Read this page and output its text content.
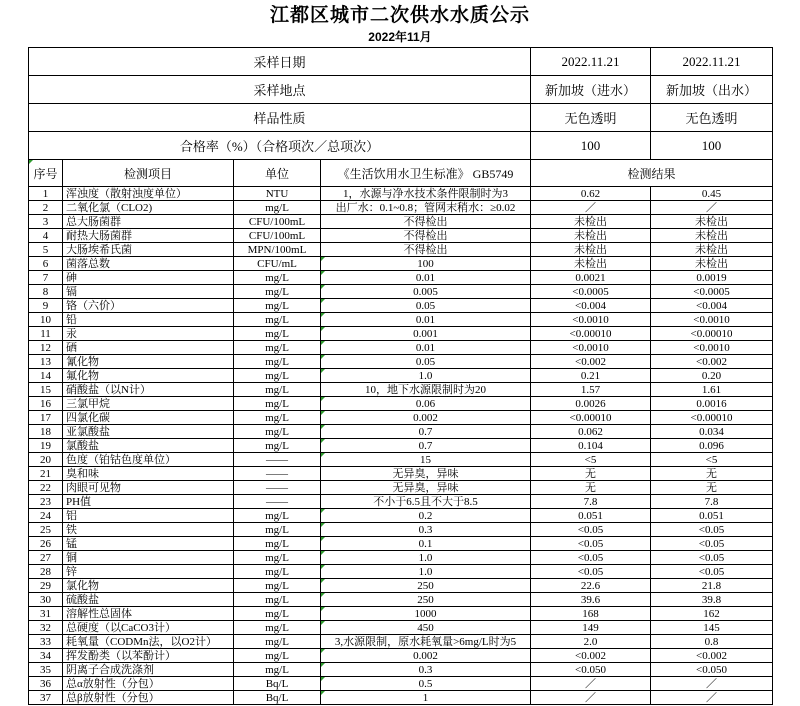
江都区城市二次供水水质公示
2022年11月
采样日期				2022.11.21	2022.11.21
采样地点				新加坡（进水）	新加坡（出水）
样品性质				无色透明	无色透明
合格率（%）（合格项次／总项次）				100	100
序号	检测项目	单位	《生活饮用水卫生标准》 GB5749	检测结果	
1	浑浊度（散射浊度单位）	NTU	1，水源与净水技术条件限制时为3	0.62	0.45
2	二氧化氯（CLO2)	mg/L	出厂水：0.1~0.8；管网末稍水：≥0.02	／	／
3	总大肠菌群	CFU/100mL	不得检出	未检出	未检出
4	耐热大肠菌群	CFU/100mL	不得检出	未检出	未检出
5	大肠埃希氏菌	MPN/100mL	不得检出	未检出	未检出
6	菌落总数	CFU/mL	100	未检出	未检出
7	砷	mg/L	0.01	0.0021	0.0019
8	镉	mg/L	0.005	<0.0005	<0.0005
9	铬（六价）	mg/L	0.05	<0.004	<0.004
10	铅	mg/L	0.01	<0.0010	<0.0010
11	汞	mg/L	0.001	<0.00010	<0.00010
12	硒	mg/L	0.01	<0.0010	<0.0010
13	氰化物	mg/L	0.05	<0.002	<0.002
14	氟化物	mg/L	1.0	0.21	0.20
15	硝酸盐（以N计）	mg/L	10，地下水源限制时为20	1.57	1.61
16	三氯甲烷	mg/L	0.06	0.0026	0.0016
17	四氯化碳	mg/L	0.002	<0.00010	<0.00010
18	亚氯酸盐	mg/L	0.7	0.062	0.034
19	氯酸盐	mg/L	0.7	0.104	0.096
20	色度（铂钴色度单位）	——	15	<5	<5
21	臭和味	——	无异臭，异味	无	无
22	肉眼可见物	——	无异臭，异味	无	无
23	PH值	——	不小于6.5且不大于8.5	7.8	7.8
24	铝	mg/L	0.2	0.051	0.051
25	铁	mg/L	0.3	<0.05	<0.05
26	锰	mg/L	0.1	<0.05	<0.05
27	铜	mg/L	1.0	<0.05	<0.05
28	锌	mg/L	1.0	<0.05	<0.05
29	氯化物	mg/L	250	22.6	21.8
30	硫酸盐	mg/L	250	39.6	39.8
31	溶解性总固体	mg/L	1000	168	162
32	总硬度（以CaCO3计）	mg/L	450	149	145
33	耗氧量（CODMn法，以O2计）	mg/L	3,水源限制，原水耗氧量>6mg/L时为5	2.0	0.8
34	挥发酚类（以苯酚计）	mg/L	0.002	<0.002	<0.002
35	阴离子合成洗涤剂	mg/L	0.3	<0.050	<0.050
36	总α放射性（分包）	Bq/L	0.5	／	／
37	总β放射性（分包）	Bq/L	1	／	／
